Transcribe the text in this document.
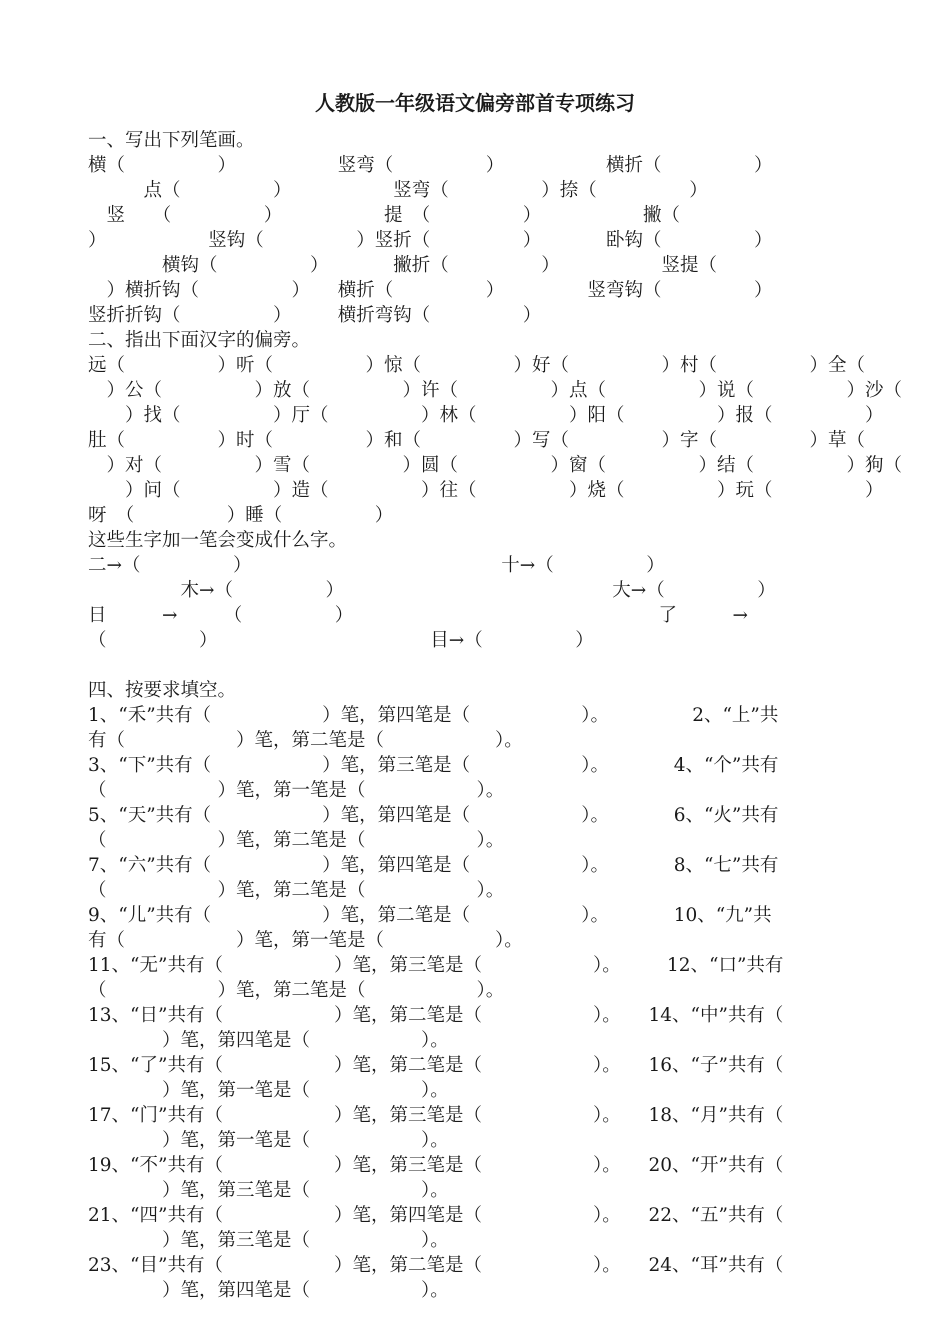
人教版一年级语文偏旁部首专项练习
一、写出下列笔画。
横（　　　　　）　　　　　　竖弯（　　　　　）　　　　　　横折（　　　　　）
　　　点（　　　　　）　　　　　　竖弯（　　　　　）捺（　　　　　）
　竖　　（　　　　　）　　　　　　提　（　　　　　）　　　　　　撇（
）　　　　　　竖钩（　　　　　）竖折（　　　　　）　　　　卧钩（　　　　　）
　　　　横钩（　　　　　）　　　　撇折（　　　　　）　　　　　　竖提（
　）横折钩（　　　　　）　　横折（　　　　　）　　　　　竖弯钩（　　　　　）
竖折折钩（　　　　　）　　　横折弯钩（　　　　　）
二、指出下面汉字的偏旁。
远（　　　　　）听（　　　　　）惊（　　　　　）好（　　　　　）村（　　　　　）全（
　）公（　　　　　）放（　　　　　）许（　　　　　）点（　　　　　）说（　　　　　）沙（
　　）找（　　　　　）厅（　　　　　）林（　　　　　）阳（　　　　　）报（　　　　　）
肚（　　　　　）时（　　　　　）和（　　　　　）写（　　　　　）字（　　　　　）草（
　）对（　　　　　）雪（　　　　　）圆（　　　　　）窗（　　　　　）结（　　　　　）狗（
　　）问（　　　　　）造（　　　　　）往（　　　　　）烧（　　　　　）玩（　　　　　）
呀　（　　　　　）睡（　　　　　）
这些生字加一笔会变成什么字。
二→（　　　　　）　　　　　　　　　　　　　　十→（　　　　　）
　　　　　木→（　　　　　）　　　　　　　　　　　　　　　大→（　　　　　）
日　　　→　　　（　　　　　）　　　　　　　　　　　　　　　　　了　　　→
（　　　　　）　　　　　　　　　　　　目→（　　　　　）
四、按要求填空。
1、“禾”共有（　　　　　　）笔，第四笔是（　　　　　　）。　　　　　2、“上”共
有（　　　　　　）笔，第二笔是（　　　　　　）。
3、“下”共有（　　　　　　）笔，第三笔是（　　　　　　）。　　　　4、“个”共有
（　　　　　　）笔，第一笔是（　　　　　　）。
5、“天”共有（　　　　　　）笔，第四笔是（　　　　　　）。　　　　6、“火”共有
（　　　　　　）笔，第二笔是（　　　　　　）。
7、“六”共有（　　　　　　）笔，第四笔是（　　　　　　）。　　　　8、“七”共有
（　　　　　　）笔，第二笔是（　　　　　　）。
9、“儿”共有（　　　　　　）笔，第二笔是（　　　　　　）。　　　　10、“九”共
有（　　　　　　）笔，第一笔是（　　　　　　）。
11、“无”共有（　　　　　　）笔，第三笔是（　　　　　　）。　　　12、“口”共有
（　　　　　　）笔，第二笔是（　　　　　　）。
13、“日”共有（　　　　　　）笔，第二笔是（　　　　　　）。　　14、“中”共有（
　　　　）笔，第四笔是（　　　　　　）。
15、“了”共有（　　　　　　）笔，第二笔是（　　　　　　）。　　16、“子”共有（
　　　　）笔，第一笔是（　　　　　　）。
17、“门”共有（　　　　　　）笔，第三笔是（　　　　　　）。　　18、“月”共有（
　　　　）笔，第一笔是（　　　　　　）。
19、“不”共有（　　　　　　）笔，第三笔是（　　　　　　）。　　20、“开”共有（
　　　　）笔，第三笔是（　　　　　　）。
21、“四”共有（　　　　　　）笔，第四笔是（　　　　　　）。　　22、“五”共有（
　　　　）笔，第三笔是（　　　　　　）。
23、“目”共有（　　　　　　）笔，第二笔是（　　　　　　）。　　24、“耳”共有（
　　　　）笔，第四笔是（　　　　　　）。
